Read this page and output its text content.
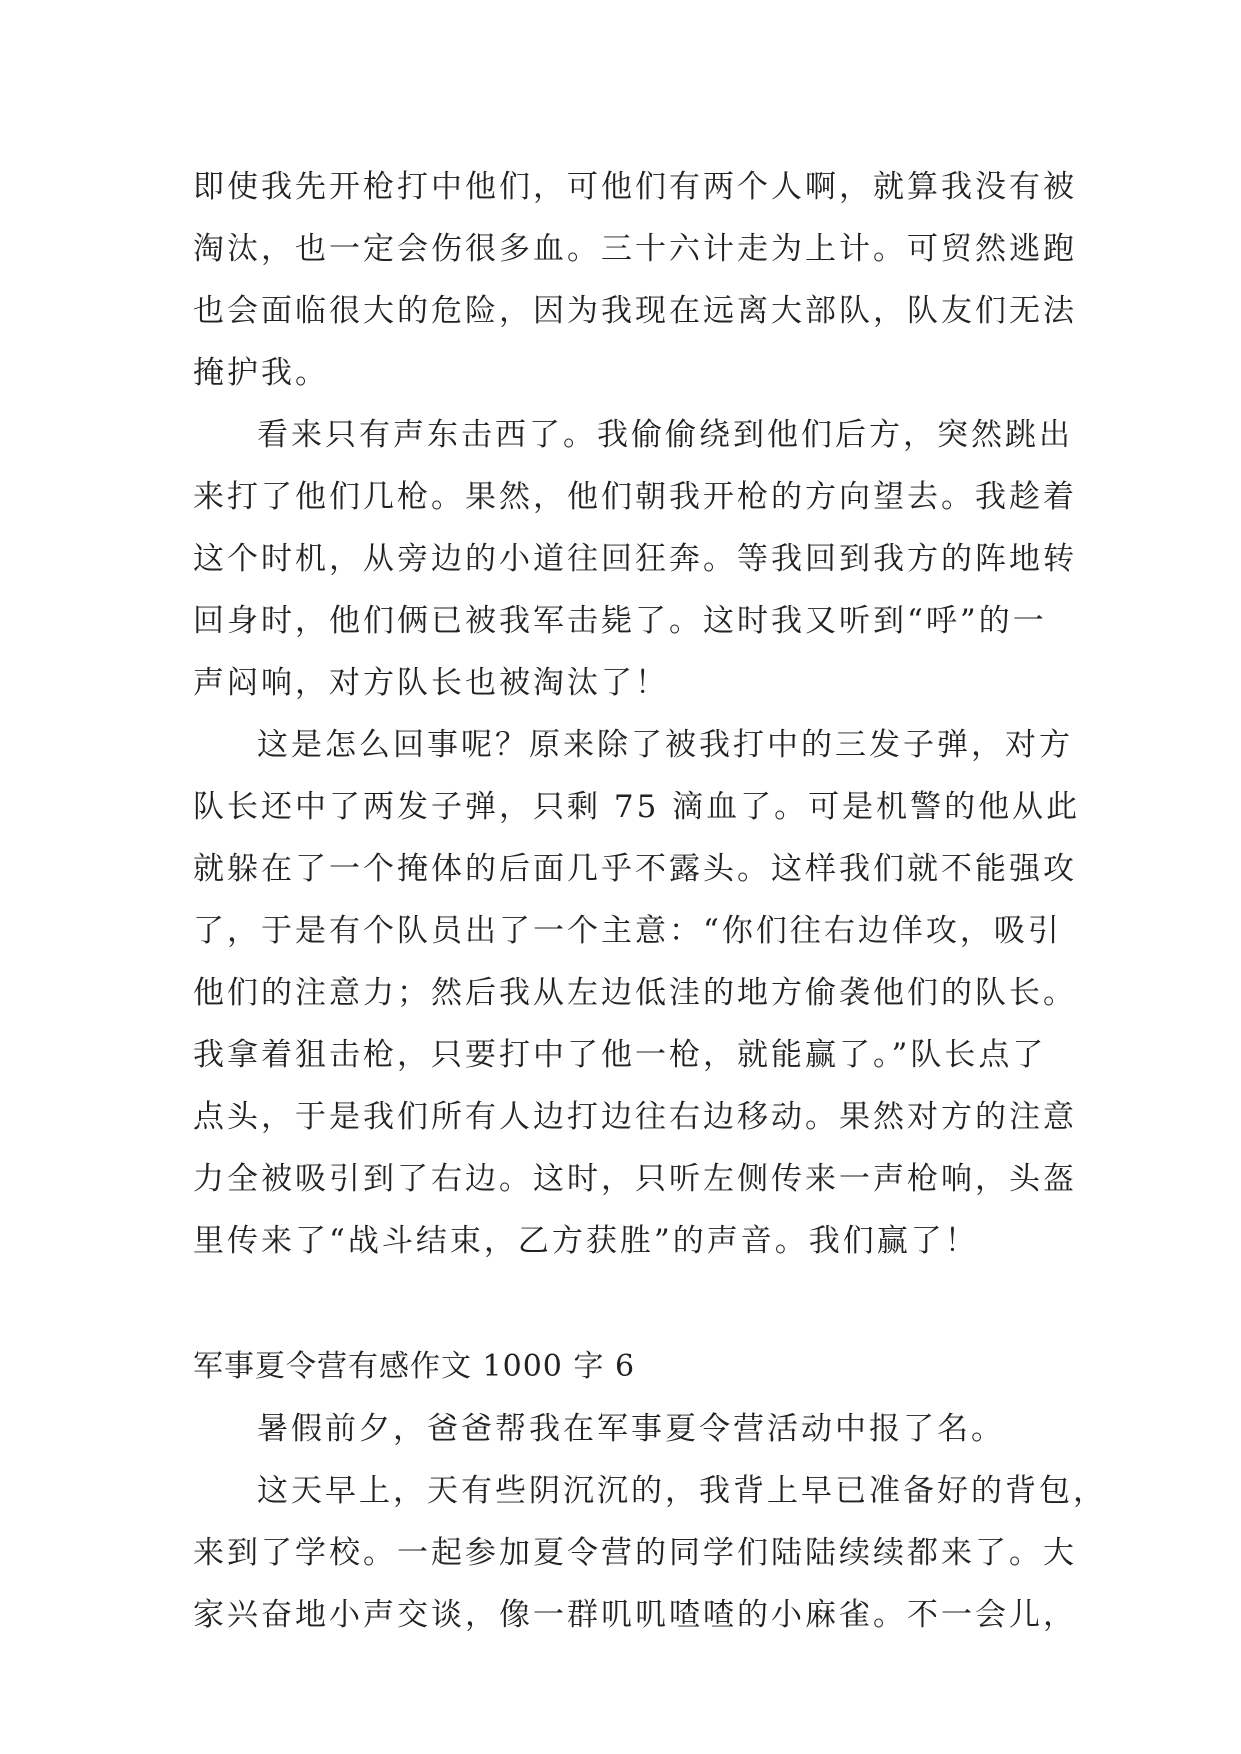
即使我先开枪打中他们，可他们有两个人啊，就算我没有被
淘汰，也一定会伤很多血。三十六计走为上计。可贸然逃跑
也会面临很大的危险，因为我现在远离大部队，队友们无法
掩护我。
看来只有声东击西了。我偷偷绕到他们后方，突然跳出
来打了他们几枪。果然，他们朝我开枪的方向望去。我趁着
这个时机，从旁边的小道往回狂奔。等我回到我方的阵地转
回身时，他们俩已被我军击毙了。这时我又听到“呼”的一
声闷响，对方队长也被淘汰了！
这是怎么回事呢？原来除了被我打中的三发子弹，对方
队长还中了两发子弹，只剩 75 滴血了。可是机警的他从此
就躲在了一个掩体的后面几乎不露头。这样我们就不能强攻
了，于是有个队员出了一个主意：“你们往右边佯攻，吸引
他们的注意力；然后我从左边低洼的地方偷袭他们的队长。
我拿着狙击枪，只要打中了他一枪，就能赢了。”队长点了
点头，于是我们所有人边打边往右边移动。果然对方的注意
力全被吸引到了右边。这时，只听左侧传来一声枪响，头盔
里传来了“战斗结束，乙方获胜”的声音。我们赢了！
军事夏令营有感作文 1000 字 6
暑假前夕，爸爸帮我在军事夏令营活动中报了名。
这天早上，天有些阴沉沉的，我背上早已准备好的背包，
来到了学校。一起参加夏令营的同学们陆陆续续都来了。大
家兴奋地小声交谈，像一群叽叽喳喳的小麻雀。不一会儿，
